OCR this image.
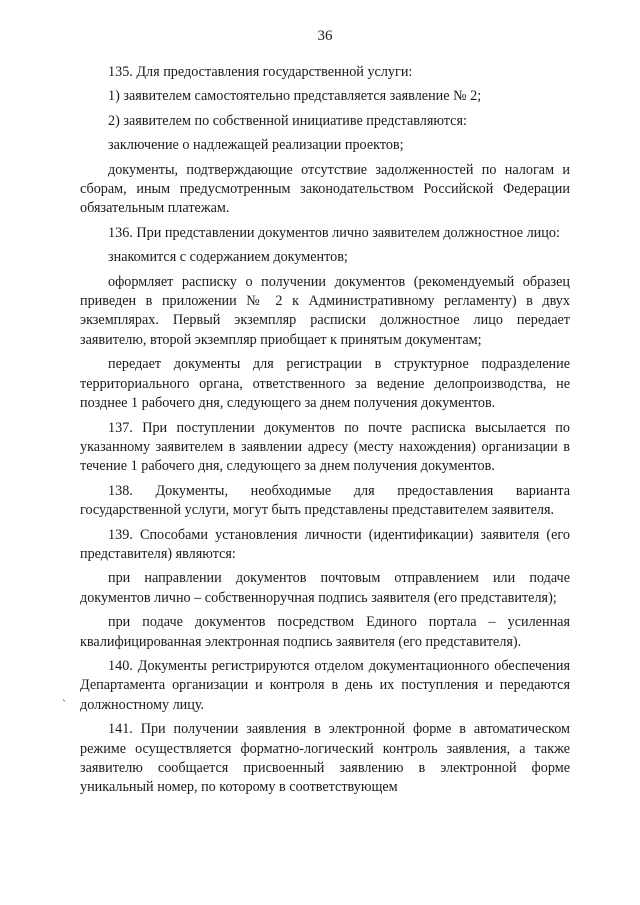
36

135. Для предоставления государственной услуги:

1) заявителем самостоятельно представляется заявление № 2;

2) заявителем по собственной инициативе представляются:

заключение о надлежащей реализации проектов;

документы, подтверждающие отсутствие задолженностей по налогам и сборам, иным предусмотренным законодательством Российской Федерации обязательным платежам.

136. При представлении документов лично заявителем должностное лицо:

знакомится с содержанием документов;

оформляет расписку о получении документов (рекомендуемый образец приведен в приложении № 2 к Административному регламенту) в двух экземплярах. Первый экземпляр расписки должностное лицо передает заявителю, второй экземпляр приобщает к принятым документам;

передает документы для регистрации в структурное подразделение территориального органа, ответственного за ведение делопроизводства, не позднее 1 рабочего дня, следующего за днем получения документов.

137. При поступлении документов по почте расписка высылается по указанному заявителем в заявлении адресу (месту нахождения) организации в течение 1 рабочего дня, следующего за днем получения документов.

138. Документы, необходимые для предоставления варианта государственной услуги, могут быть представлены представителем заявителя.

139. Способами установления личности (идентификации) заявителя (его представителя) являются:

при направлении документов почтовым отправлением или подаче документов лично – собственноручная подпись заявителя (его представителя);

при подаче документов посредством Единого портала – усиленная квалифицированная электронная подпись заявителя (его представителя).

140. Документы регистрируются отделом документационного обеспечения Департамента организации и контроля в день их поступления и передаются должностному лицу.

141. При получении заявления в электронной форме в автоматическом режиме осуществляется форматно-логический контроль заявления, а также заявителю сообщается присвоенный заявлению в электронной форме уникальный номер, по которому в соответствующем

ˏ
